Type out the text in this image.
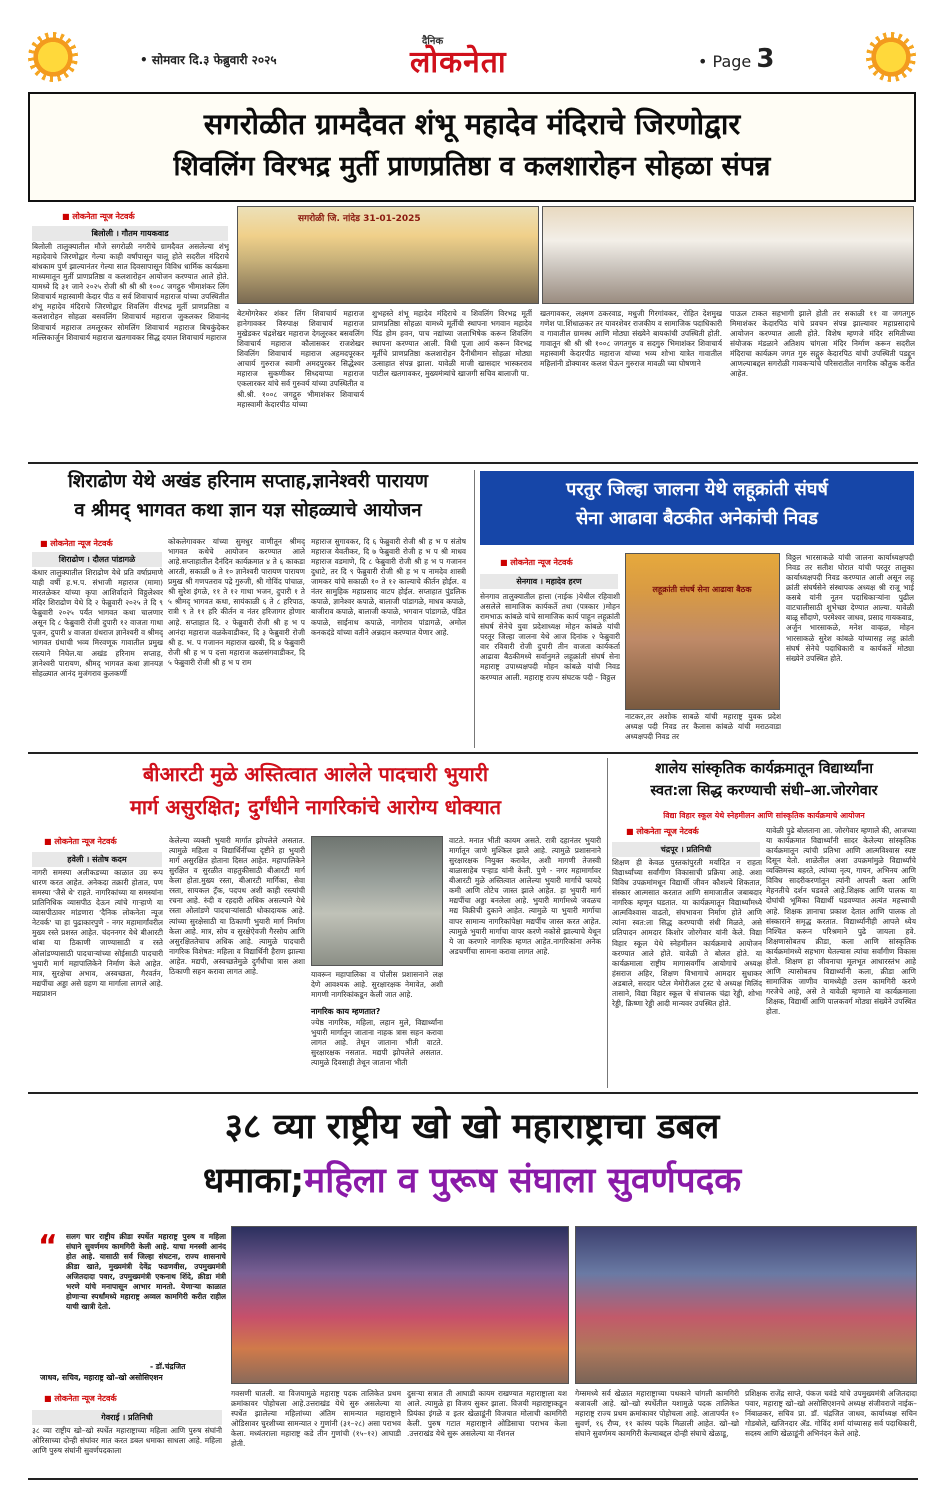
• सोमवार दि.३ फेब्रुवारी २०२५
दैनिक
लोकनेता	• Page 3
सगरोळीत ग्रामदैवत शंभू महादेव मंदिराचे जिरणोद्वार
शिवलिंग विरभद्र मुर्ती प्राणप्रतिष्ठा व कलशारोहन सोहळा संपन्न
■ लोकनेता न्यूज नेटवर्क
बिलोली । गौतम गायकवाड
बिलोली तालुक्यातील मौजे सगरोळी नगरीचे ग्रामदैवत असलेल्या शंभू महादेवाचे जिरणोद्वार गेल्या काही वर्षांपासून चालू होते सदरील मंदिराचे बांधकाम पुर्ण झाल्यानंतर गेल्या सात दिवसापासून विविध धार्मिक कार्यक्रमा माध्यमातून मुर्ती प्राणप्रतिष्ठा व कलशारोहन आयोजन करण्यात आले होते. यामध्ये दि ३१ जाने २०२५ रोजी श्री श्री श्री १००८ जगद्गुरु भीमाशंकर लिंग शिवाचार्य महास्वामी केदार पीठ व सर्व शिवाचार्य महाराज यांच्या उपस्थितीत शंभू महादेव मंदिराचे जिरणोद्वार शिवलिंग वीरभद्र मूर्ती प्राणप्रतिष्ठा व कलशारोहन सोहळा बसवलिंग शिवाचार्य महाराज जुकलकर शिवानंद शिवाचार्य महाराज तमलूरकर सोमलिंग शिवाचार्य महाराज बिचकुंदेकर मल्लिकार्जुन शिवाचार्य महाराज खतगावकर सिद्ध दयाल शिवाचार्य महाराज
सगरोळी जि. नांदेड 31-01-2025
बेटमोगरेकर शंकर लिंग शिवाचार्य महाराज हानेगावकर विरुपाक्ष शिवाचार्य महाराज मुखेडकर चंद्रशेखर महाराज देगलूरकर बसवलिंग शिवाचार्य महाराज कौलासकर राजशेखर शिवलिंग शिवाचार्य महाराज अहमदपूरकर आचार्य गुरुराज स्वामी अमदपुरकर सिद्धेश्वर महाराज सुकणीकर सिध्दयाप्पा महाराज एकलारकर यांचे सर्व गुरुवर्य यांच्या उपस्थितीत व श्री.श्री. १००८ जगद्गुरु भीमाशंकर शिवाचार्य महास्वामी केदारपीठ यांच्या
शुभहस्ते शंभू महादेव मंदिराचे व शिवलिंग विरभद्र मूर्ती प्राणप्रतिष्ठा सोहळा यामध्ये मूर्तीची स्थापना भगवान महादेव पिंड होम हवन, पाच नद्यांच्या जलाभिषेक करून शिवलिंग स्थापना करण्यात आली. विधी पूजा आर्य करून विरभद्र मूर्तीचे प्राणप्रतिष्ठा कलशारोहन दैनीधीमान सोहळा मोठ्या उत्साहात संपन्न झाला. यावेळी माजी खासदार भास्करराव पाटील खतगावकर, मुख्यमंत्र्यांचे खाजगी सचिव बालाजी पा.
खतगावकर, लक्ष्मण ठकरवाड, मधुजी गिरगांवकर, रोहित देशमुख गणेश पा.शिंधाळकर तर यावरशेवर राजकीय व सामाजिक पदाधिकारी व गावातील ग्रामस्थ आणि मोठ्या संख्येने बायकांची उपस्थिती होती. गावातून श्री श्री श्री १००८ जगतगुरु व सदगुरु भिमाशंकर शिवाचार्य महास्वामी केदारपीठ महाराज यांच्या भव्य शोभा यात्रेत गावातील महिलांनी डोक्यावर कलश घेऊन गुरुराज मावळी च्या घोषणाने
पाऊल टाकत सहभागी झाले होती तर सकाळी ११ वा जगतगुरु मिमाशंकर केदारपिठ यांचे प्रवचन संपन्न झाल्यावर महाप्रसादाचे आयोजन करण्यात आली होते. विशेष म्हणजे मंदिर समितीच्या संयोजक मंडळाने अतिशय चांगला मंदिर निर्माण करून सदरील मंदिराचा कार्यक्रम जगत गुरु सद्गुरु केदारपिठ यांची उपस्थिती पडद्दून आणल्याबद्दल सगरोळी गावकऱ्यांचे परिसरातील नागरिक कौतुक करीत आहेत.
शिराढोण येथे अखंड हरिनाम सप्ताह,ज्ञानेश्वरी पारायण
व श्रीमद् भागवत कथा ज्ञान यज्ञ सोहळ्याचे आयोजन
■ लोकनेता न्यूज नेटवर्क
शिराढोण । दौलत पांडागळे
कंधार तालुक्यातील शिराढोण येथे प्रति वर्षाप्रमाणे याही वर्षी ह.भ.प. संभाजी महाराज (मामा) मारतळेकर यांच्या कृपा आशिर्वादाने विठ्ठलेश्वर मंदिर शिराढोण येथे दि २ फेब्रुवारी २०२५ ते दि ९ फेब्रुवारी २०२५ पर्यंत भागवत कथा चालणार असून दि ८ फेब्रुवारी रोजी दुपारी १२ वाजता गाथा पूजन, दुपारी ४ वाजता ग्रंथराज ज्ञानेश्वरी व श्रीमद् भागवत ग्रंथाची भव्य मिरवणूक गावातील प्रमुख रस्त्याने निघेल.या अखंड हरिनाम सप्ताह, ज्ञानेश्वरी पारायण, श्रीमद् भागवत कथा ज्ञानयज्ञ सोहळ्यात आनंद मुजंगराव कुलकर्णी
कोकलेगावकर यांच्या सुमधुर वाणीतून श्रीमद् भागवत कथेचे आयोजन करण्यात आले आहे.सप्ताहातील दैनंदिन कार्यक्रमात ४ ते ६ काकडा आरती, सकाळी ७ ते १० ज्ञानेश्वरी पारायण पारायण प्रमुख श्री गणपतराव पद्रे गुरुजी, श्री गोविंद पांचाळ, श्री सुरेश इंगळे, ११ ते १२ गाथा भजन, दुपारी १ ते ५ श्रीमद् भागवत कथा, सायंकाळी ६ ते ८ हरिपाठ, रात्री ९ ते ११ हरि कीर्तन व नंतर हरिजागर होणार आहे. सप्ताहात दि. २ फेब्रुवारी रोजी श्री ह भ प आनंदा महाराज वळकेवाडीकर, दि ३ फेब्रुवारी रोजी श्री ह. भ. प गजानन महाराज खरबी, दि ४ फेब्रुवारी रोजी श्री ह भ प दत्ता महाराज कळसंगवाडीकर, दि ५ फेब्रुवारी रोजी श्री ह भ प राम
महाराज सुगावकर, दि ६ फेब्रुवारी रोजी श्री ह भ प संतोष महाराज येवतीकर, दि ७ फेब्रुवारी रोजी ह भ प श्री माधव महाराज वडमाणे, दि ८ फेब्रुवारी रोजी श्री ह भ प गजानन दुधाटे, तर दि ९ फेब्रुवारी रोजी श्री ह भ प नामदेव शास्त्री जामकर यांचे सकाळी १० ते १२ काल्याचे कीर्तन होईल. व नंतर सामुहिक महाप्रसाद वाटप होईल. सप्ताहात पुंडलिक कपाळे, ज्ञानेश्वर कपाळे, बालाजी पांडागळे, माधव कपाळे, बाजीराव कपाळे, बालाजी कपाळे, भगवान पांडागळे, पंडित कपाळे, साईनाथ कपाळे, नागोराव पांडागळे, अमोल कनकदंडे यांच्या वतीने अन्नदान करण्यात येणार आहे.
परतुर जिल्हा जालना येथे लहूक्रांती संघर्ष
सेना आढावा बैठकीत अनेकांची निवड
■ लोकनेता न्यूज नेटवर्क
सेनगाव । महादेव हरण
सेनगाव तालुक्यातील हात्ता (नाईक )येथील रहिवाशी असलेले सामाजिक कार्यकर्ते तथा (पत्रकार )मोहन रामभाऊ कांबळे यांचे सामाजिक कार्य पाहून लहूक्रांती संघर्ष सेनेचे युवा प्रदेशाध्यक्ष मोहन कांबळे यांची परतूर जिल्हा जालना येथे आज दिनांक २ फेब्रुवारी वार रविवारी रोजी दुपारी तीन वाजता कार्यकर्ता आढावा बैठकीमध्ये सर्वानुमते लहूक्रांती संघर्ष सेना महाराष्ट्र उपाध्यक्षपदी मोहन कांबळे यांची निवड करण्यात आली. महाराष्ट्र राज्य संघटक पदी - विठ्ठल
लहूक्रांती संघर्ष सेना आढावा बैठक
नाटकर,तर अशोक साबळे यांची महाराष्ट्र युवक प्रदेश अध्यक्ष पदी निवड तर कैलास कांबळे यांची मराठवाडा अध्यक्षपदी निवड तर
विठ्ठल भारसाकळे यांची जालना कार्याध्यक्षपदी निवड तर सतीश घोरात यांची परतूर तालुका कार्याध्यक्षपदी निवड करण्यात आली असून लहू क्रांती संघर्षसेने संस्थापक अध्यक्ष श्री राजू भाई कसबे यांनी नूतन पदाधिकाऱ्यांना पुढील वाटचालीसाठी शुभेच्छा देण्यात आल्या. यावेळी बाळू सौंदाणे, परमेश्वर जाधव, प्रसाद गायकवाड, अर्जुन भारसाकळे, मनेश वाव्हळ, मोहन भारसाकळे सुरेश कांबळे यांच्यासह लहू क्रांती संघर्ष सेनेचे पदाधिकारी व कार्यकर्ते मोठ्या संख्येने उपस्थित होते.
बीआरटी मुळे अस्तित्वात आलेले पादचारी भुयारी
मार्ग असुरक्षित; दुर्गंधीने नागरिकांचे आरोग्य धोक्यात
■ लोकनेता न्यूज नेटवर्क
हवेली । संतोष कदम
नागरी समस्या अलीकडच्या काळात उग्र रूप धारण करत आहेत. अनेकदा तक्रारी होतात, पण समस्या 'जैसे थे' राहते. नागरिकांच्या या समस्यांना प्रातिनिधिक व्यासपीठ देऊन त्यांचे गाऱ्हाणे या व्यासपीठावर मांडणारा 'दैनिक लोकनेता न्यूज नेटवर्क' चा हा पुढाकारपुणे - नगर महामार्गांवरील मुख्य रस्ते प्रशस्त आहेत. चंदननगर येथे बीआरटी थांबा या ठिकाणी जाण्यासाठी व रस्ते ओलांडण्यासाठी पादचाऱ्यांच्या सोईसाठी पादचारी भुयारी मार्ग महापालिकेने निर्माण केले आहेत. मात्र, सुरक्षेचा अभाव, अस्वच्छता, गैरवर्तन, मद्यपींचा अड्डा असे ग्रहण या मार्गाला लागले आहे. मद्यप्राशन
केलेल्या व्यक्ती भुयारी मार्गात झोपलेले असतात. त्यामुळे महिला व विद्यार्थिनींच्या दृष्टीने हा भुयारी मार्ग असुरक्षित होताना दिसत आहेत. महापालिकेने सुरक्षित व सुरळीत वाहतुकीसाठी बीआरटी मार्ग केला होता.मुख्य रस्ता, बीआरटी मार्गिका, सेवा रस्ता, सायकल ट्रॅक, पदपथ अशी काही रस्त्यांची रचना आहे. रुंदी व रहदारी अधिक असल्याने येथे रस्ता ओलांडणे पादचाऱ्यांसाठी धोकादायक आहे. त्यांच्या सुरक्षेसाठी या ठिकाणी भुयारी मार्ग निर्माण केला आहे. मात्र, सोय व सुरक्षेऐवजी गैरसोय आणि असुरक्षिततेचाच अधिक आहे. त्यामुळे पादचारी नागरिक विशेषत: महिला व विद्यार्थिनी हैराण झाल्या आहेत. मद्यपी, अस्वच्छतेमुळे दुर्गंधीचा त्रास अशा ठिकाणी सहन करावा लागत आहे.	यावरून महापालिका व पोलीस प्रशासनाने लक्ष देणे आवश्यक आहे. सुरक्षारक्षक नेमावेत, अशी मागणी नागरिकांकडून केली जात आहे.
नागरिक काय म्हणतात?
ज्येष्ठ नागरिक, महिला, लहान मुले, विद्यार्थ्यांना भुयारी मार्गातून जाताना नाहक त्रास सहन करावा लागत आहे. तेथून जाताना भीती वाटते. सुरक्षारक्षक नसतात. मद्यपी झोपलेले असतात. त्यामुळे दिवसाही तेथून जाताना भीती
वाटते. मनात भीती कायम असते. रात्री दहानंतर भुयारी मार्गातून जाणे मुश्किल झाले आहे. त्यामुळे प्रशासनाने सुरक्षारक्षक नियुक्त करावेत, अशी मागणी तेजस्वी बाळासाहेब पऱ्हाड यांनी केली. पुणे - नगर महामार्गावर बीआरटी मुळे अस्तित्वात आलेल्या भुयारी मार्गाचे फायदे कमी आणि तोटेच जास्त झाले आहेत. हा भुयारी मार्ग मद्यपींचा अड्डा बनलेला आहे. भुयारी मार्गामध्ये जवळच मद्य विक्रीची दुकाने आहेत. त्यामुळे या भुयारी मार्गाचा वापर सामान्य नागरिकांपेक्षा मद्यपींच जास्त करत आहेत. त्यामुळे भुयारी मार्गाचा वापर करणे नकोसे झाल्याचे येथून ये जा करणारे नागरिक म्हणत आहेत.नागरिकांना अनेक अडचणींचा सामना करावा लागत आहे.
शालेय सांस्कृतिक कार्यक्रमातून विद्यार्थ्यांना
स्वत:ला सिद्ध करण्याची संधी–आ.जोरगेवार
विद्या विहार स्कूल येथे स्नेहमीलन आणि सांस्कृतिक कार्यक्रमाचे आयोजन
■ लोकनेता न्यूज नेटवर्क
चंद्रपूर । प्रतिनिधी
शिक्षण ही केवळ पुस्तकांपुरती मर्यादित न राहता विद्यार्थ्यांच्या सर्वांगीण विकासाची प्रक्रिया आहे. अशा विविध उपक्रमांमधून विद्यार्थी जीवन कौशल्ये शिकतात, संस्कार आत्मसात करतात आणि समाजातील जबाबदार नागरिक म्हणून घडतात. या कार्यक्रमातून विद्यार्थ्यांमध्ये आत्मविश्वास वाढतो, संघभावना निर्माण होते आणि त्यांना स्वत:ला सिद्ध करण्याची संधी मिळते, असे प्रतिपादन आमदार किशोर जोरगेवार यांनी केले. विद्या विहार स्कूल येथे स्नेहमीलन कार्यक्रमाचे आयोजन करण्यात आले होते. यावेळी ते बोलत होते. या कार्यक्रमाला राष्ट्रीय मागासवर्गीय आयोगाचे अध्यक्ष हंसराज अहिर, शिक्षण विभागाचे आमदार सुधाकर अडबाले, सरदार पटेल मेमोरीअल ट्रस्ट चे अध्यक्ष मिलिंद तासाने, विद्या विहार स्कूल चे संचालक चंद्रा रेड्डी, शोभा रेड्डी, क्रिष्णा रेड्डी आदी मान्यवर उपस्थित होते.
यावेळी पुढे बोलताना आ. जोरगेवार म्हणाले की, आजच्या या कार्यक्रमात विद्यार्थ्यांनी सादर केलेल्या सांस्कृतिक कार्यक्रमातून त्यांची प्रतिभा आणि आत्मविश्वास स्पष्ट दिसून येतो. शाळेतील अशा उपक्रमांमुळे विद्यार्थ्यांचे व्यक्तिमत्त्व बहरते, त्यांच्या नृत्य, गायन, अभिनय आणि विविध सादरीकरणांतून त्यांनी आपली कला आणि मेहनतीचे दर्शन घडवले आहे.शिक्षक आणि पालक या दोघांची भूमिका विद्यार्थी घडवण्यात अत्यंत महत्त्वाची आहे. शिक्षक ज्ञानाचा प्रकाश देतात आणि पालक तो संस्काराने समृद्ध करतात. विद्यार्थ्यांनीही आपले ध्येय निश्चित करून परिश्रमाने पुढे जायला हवे. शिक्षणासोबतच क्रीडा, कला आणि सांस्कृतिक कार्यक्रमांमध्ये सहभाग घेतल्यास त्यांचा सर्वांगीण विकास होतो. शिक्षण हा जीवनाचा मूलभूत आधारस्तंभ आहे आणि त्यासोबतच विद्यार्थ्यांनी कला, क्रीडा आणि सामाजिक जाणीव यामध्येही उत्तम कामगिरी करणे गरजेचे आहे, असे ते यावेळी म्हणाले या कार्यक्रमाला शिक्षक, विद्यार्थी आणि पालकवर्ग मोठ्या संख्येने उपस्थित होता.
३८ व्या राष्ट्रीय खो खो महाराष्ट्राचा डबल
धमाका;महिला व पुरूष संघाला सुवर्णपदक
“ सलग चार राष्ट्रीय क्रीडा स्पर्धेत महाराष्ट्र पुरुष व महिला संघाने सुवर्णमय कामगिरी केली आहे. याचा मनस्वी आनंद होत आहे. यासाठी सर्व जिल्हा संघटना, राज्य शासनाचे क्रीडा खाते, मुख्यमंत्री देवेंद्र फडणवीस, उपमुख्यमंत्री अजितदादा पवार, उपमुख्यमंत्री एकनाथ शिंदे, क्रीडा मंत्री भरणे यांचे मनापासून आभार मानतो. येणाऱ्या काळात होणाऱ्या स्पर्धांमध्ये महाराष्ट्र अव्वल कामगिरी करीत राहील याची खात्री देतो.
- डॉ.चंद्रजित
जाधव, सचिव, महाराष्ट्र खो–खो असोसिएशन
■ लोकनेता न्यूज नेटवर्क
गेवराई । प्रतिनिधी
३८ व्या राष्ट्रीय खो–खो स्पर्धेत महाराष्ट्राच्या महिला आणि पुरुष संघांनी ओरिसाच्या दोन्ही संघांवर मात करत डबल धमाका साधला आहे. महिला आणि पुरुष संघांनी सुवर्णपदकाला
गवसणी घातली. या विजयामुळे महाराष्ट्र पदक तालिकेत प्रथम क्रमांकावर पोहोचला आहे.उत्तराखंड येथे सुरु असलेल्या या स्पर्धेत झालेल्या महिलांच्या अंतिम सामन्यात महाराष्ट्राने ओडिसावर चुरशीच्या सामन्यात २ गुणांनी (३१–२८) असा पराभव केला. मध्यंतराला महाराष्ट्र कडे तीन गुणांची (१५–१२) आघाडी होती.
दुसऱ्या सत्रात ती आघाडी कायम राखण्यात महाराष्ट्राला यश आले. त्यामुळे हा विजय सुकर झाला. विजयी महाराष्ट्राकडून प्रियंका इंगळे व इतर खेळाडूंनी विजयात मोलाची कामगिरी केली. पुरुष गटात महाराष्ट्राने ओडिसाचा पराभव केला .उत्तराखंड येथे सुरू असलेल्या या नॅशनल
गेम्समध्ये सर्व खेळात महाराष्ट्राच्या पथकाने चांगली कामगिरी बजावली आहे. खो–खो स्पर्धेतील यशामुळे पदक तालिकेत महाराष्ट्र राज्य प्रथम क्रमांकावर पोहोचला आहे. आतापर्यंत १० सुवर्ण, १६ रौप्य, ११ कांस्य पदके मिळाली आहेत. खो–खो संघाने सुवर्णमय कामगिरी केल्याबद्दल दोन्ही संघाचे खेळाडू,
प्रशिक्षक राजेंद्र साप्ते, पंकज चवंडे यांचे उपमुख्यमंत्री अजितदादा पवार, महाराष्ट्र खो–खो असोसिएशनचे अध्यक्ष संजीवराजे नाईक–निंबाळकर, सचिव प्रा. डॉ. चंद्रजित जाधव, कार्याध्यक्ष सचिन गोडबोले, खजिनदार ॲड. गोविंद शर्मा यांच्यासह सर्व पदाधिकारी, सदस्य आणि खेळाडूंनी अभिनंदन केले आहे.
